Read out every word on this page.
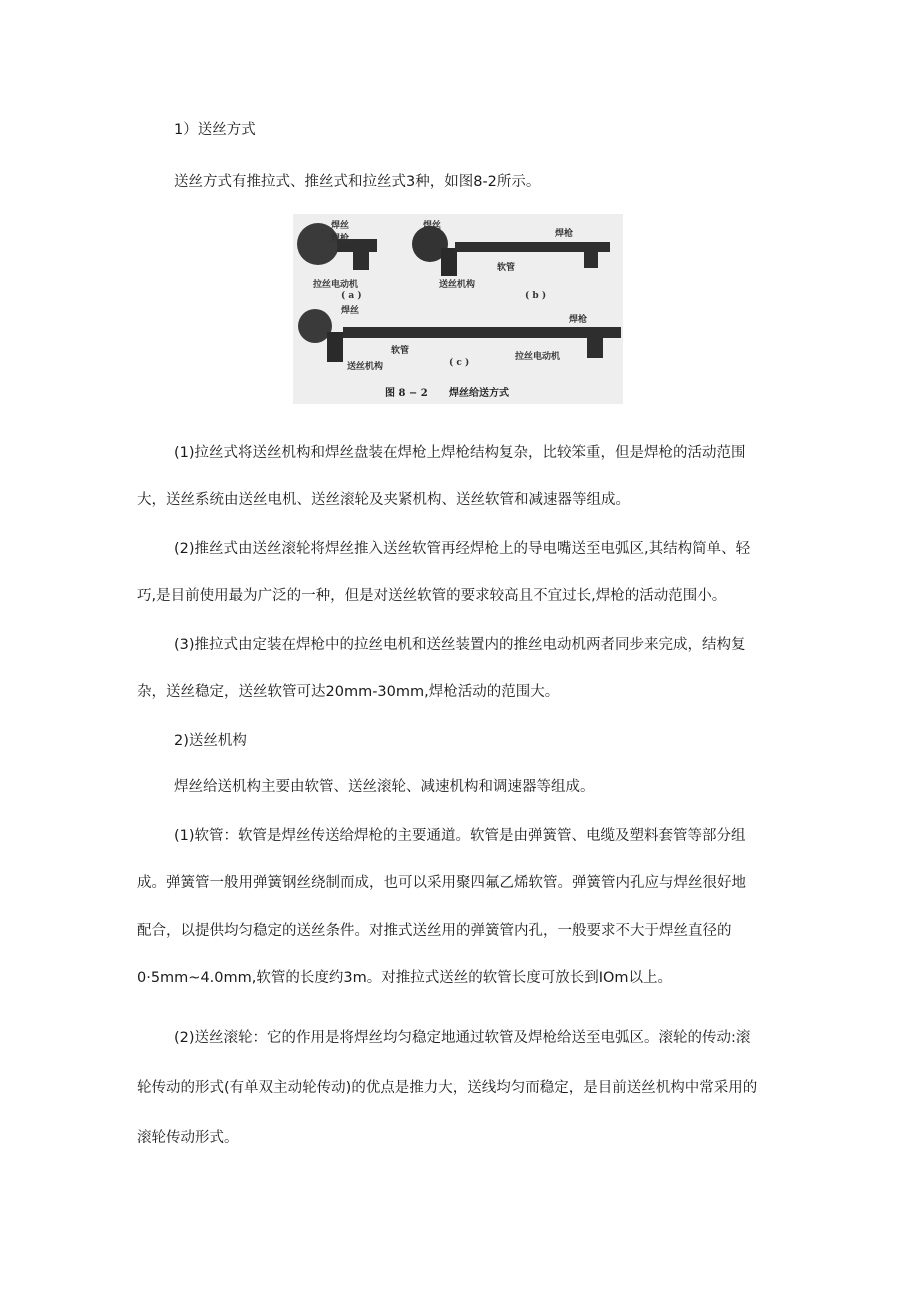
1）送丝方式

送丝方式有推拉式、推丝式和拉丝式3种，如图8-2所示。

焊丝
焊枪
拉丝电动机
( a )
焊丝
焊枪
软管
送丝机构
( b )
焊丝
焊枪
软管
送丝机构
拉丝电动机
( c )
图 8 − 2 焊丝给送方式

(1)拉丝式将送丝机构和焊丝盘装在焊枪上焊枪结构复杂，比较笨重，但是焊枪的活动范围

大，送丝系统由送丝电机、送丝滚轮及夹紧机构、送丝软管和减速器等组成。

(2)推丝式由送丝滚轮将焊丝推入送丝软管再经焊枪上的导电嘴送至电弧区,其结构简单、轻

巧,是目前使用最为广泛的一种，但是对送丝软管的要求较高且不宜过长,焊枪的活动范围小。

(3)推拉式由定装在焊枪中的拉丝电机和送丝装置内的推丝电动机两者同步来完成，结构复

杂，送丝稳定，送丝软管可达20mm-30mm,焊枪活动的范围大。

2)送丝机构

焊丝给送机构主要由软管、送丝滚轮、减速机构和调速器等组成。

(1)软管：软管是焊丝传送给焊枪的主要通道。软管是由弹簧管、电缆及塑料套管等部分组

成。弹簧管一般用弹簧钢丝绕制而成，也可以采用聚四氟乙烯软管。弹簧管内孔应与焊丝很好地

配合，以提供均匀稳定的送丝条件。对推式送丝用的弹簧管内孔，一般要求不大于焊丝直径的

0·5mm~4.0mm,软管的长度约3m。对推拉式送丝的软管长度可放长到IOm以上。

(2)送丝滚轮：它的作用是将焊丝均匀稳定地通过软管及焊枪给送至电弧区。滚轮的传动:滚

轮传动的形式(有单双主动轮传动)的优点是推力大，送线均匀而稳定，是目前送丝机构中常采用的

滚轮传动形式。
